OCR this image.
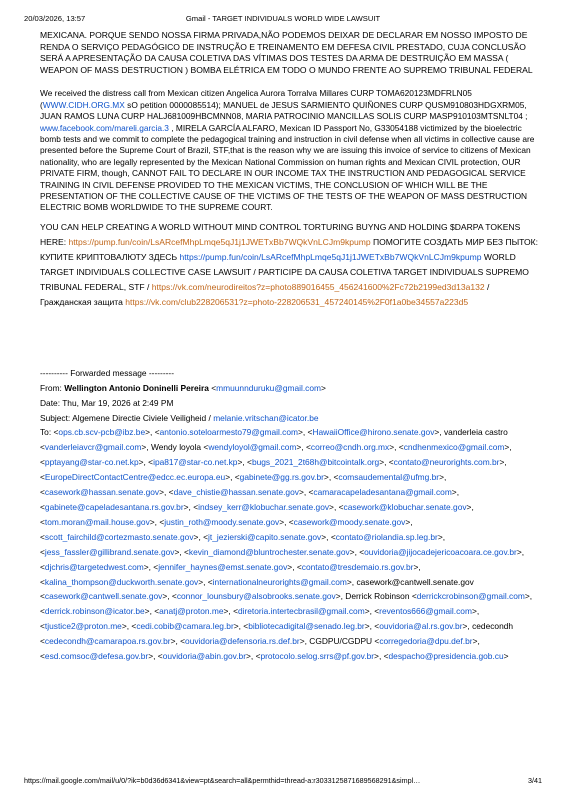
20/03/2026, 13:57	Gmail - TARGET INDIVIDUALS WORLD WIDE LAWSUIT

MEXICANA. PORQUE SENDO NOSSA FIRMA PRIVADA,NÃO PODEMOS DEIXAR DE DECLARAR EM NOSSO IMPOSTO DE RENDA O SERVIÇO PEDAGÓGICO DE INSTRUÇÃO E TREINAMENTO EM DEFESA CIVIL PRESTADO, CUJA CONCLUSÃO SERÁ A APRESENTAÇÃO DA CAUSA COLETIVA DAS VÍTIMAS DOS TESTES DA ARMA DE DESTRUIÇÃO EM MASSA ( WEAPON OF MASS DESTRUCTION ) BOMBA ELÉTRICA EM TODO O MUNDO FRENTE AO SUPREMO TRIBUNAL FEDERAL

We received the distress call from Mexican citizen Angelica Aurora Torralva Millares CURP TOMA620123MDFRLN05 (WWW.CIDH.ORG.MX sO petition 0000085514); MANUEL de JESUS SARMIENTO QUIÑONES CURP QUSM910803HDGXRM05, JUAN RAMOS LUNA CURP HALJ681009HBCMNN08, MARIA PATROCINIO MANCILLAS SOLIS CURP MASP910103MTSNLT04 ; www.facebook.com/mareli.garcia.3 , MIRELA GARCÍA ALFARO, Mexican ID Passport No, G33054188 victimized by the bioelectric bomb tests and we commit to complete the pedagogical training and instruction in civil defense when all victims in collective cause are presented before the Supreme Court of Brazil, STF,that is the reason why we are issuing this invoice of service to citizens of Mexican nationality, who are legally represented by the Mexican National Commission on human rights and Mexican CIVIL protection, OUR PRIVATE FIRM, though, CANNOT FAIL TO DECLARE IN OUR INCOME TAX THE INSTRUCTION AND PEDAGOGICAL SERVICE TRAINING IN CIVIL DEFENSE PROVIDED TO THE MEXICAN VICTIMS, THE CONCLUSION OF WHICH WILL BE THE PRESENTATION OF THE COLLECTIVE CAUSE OF THE VICTIMS OF THE TESTS OF THE WEAPON OF MASS DESTRUCTION ELECTRIC BOMB WORLDWIDE TO THE SUPREME COURT.

YOU CAN HELP CREATING A WORLD WITHOUT MIND CONTROL TORTURING BUYNG AND HOLDING $DARPA TOKENS HERE: https://pump.fun/coin/LsARcefMhpLmqe5qJ1j1JWETxBb7WQkVnLCJm9kpump ПОМОГИТЕ СОЗДАТЬ МИР БЕЗ ПЫТОК: КУПИТЕ КРИПТОВАЛЮТУ ЗДЕСЬ https://pump.fun/coin/LsARcefMhpLmqe5qJ1j1JWETxBb7WQkVnLCJm9kpump WORLD TARGET INDIVIDUALS COLLECTIVE CASE LAWSUIT / PARTICIPE DA CAUSA COLETIVA TARGET INDIVIDUALS SUPREMO TRIBUNAL FEDERAL, STF / https://vk.com/neurodireitos?z=photo889016455_456241600%2Fc72b2199ed3d13a132 / Гражданская защита https://vk.com/club228206531?z=photo-228206531_457240145%2F0f1a0be34557a223d5

---------- Forwarded message ---------
From: Wellington Antonio Doninelli Pereira <mmuunnduruku@gmail.com>
Date: Thu, Mar 19, 2026 at 2:49 PM
Subject: Algemene Directie Civiele Veiligheid / melanie.vritschan@icator.be
To: <ops.cb.scv-pcb@ibz.be>, <antonio.soteloarmesto79@gmail.com>, <HawaiiOffice@hirono.senate.gov>, vanderleia castro <vanderleiavcr@gmail.com>, Wendy loyola <wendyloyol@gmail.com>, <correo@cndh.org.mx>, <cndhenmexico@gmail.com>, <pptayang@star-co.net.kp>, <ipa817@star-co.net.kp>, <bugs_2021_2t68h@bitcointalk.org>, <contato@neurorights.com.br>, <EuropeDirectContactCentre@edcc.ec.europa.eu>, <gabinete@gg.rs.gov.br>, <comsaudemental@ufmg.br>, <casework@hassan.senate.gov>, <dave_chistie@hassan.senate.gov>, <camaracapeladesantana@gmail.com>, <gabinete@capeladesantana.rs.gov.br>, <indsey_kerr@klobuchar.senate.gov>, <casework@klobuchar.senate.gov>, <tom.moran@mail.house.gov>, <justin_roth@moody.senate.gov>, <casework@moody.senate.gov>, <scott_fairchild@cortezmasto.senate.gov>, <jt_jezierski@capito.senate.gov>, <contato@riolandia.sp.leg.br>, <jess_fassler@gillibrand.senate.gov>, <kevin_diamond@bluntrochester.senate.gov>, <ouvidoria@jijocadejericoacoara.ce.gov.br>, <djchris@targetedwest.com>, <jennifer_haynes@emst.senate.gov>, <contato@tresdemaio.rs.gov.br>, <kalina_thompson@duckworth.senate.gov>, <internationalneurorights@gmail.com>, casework@cantwell.senate.gov <casework@cantwell.senate.gov>, <connor_lounsbury@alsobrooks.senate.gov>, Derrick Robinson <derrickcrobinson@gmail.com>, <derrick.robinson@icator.be>, <anatj@proton.me>, <diretoria.intertecbrasil@gmail.com>, <reventos666@gmail.com>, <tjustice2@proton.me>, <cedi.cobib@camara.leg.br>, <bibliotecadigital@senado.leg.br>, <ouvidoria@al.rs.gov.br>, cedecondh <cedecondh@camarapoa.rs.gov.br>, <ouvidoria@defensoria.rs.def.br>, CGDPU/CGDPU <corregedoria@dpu.def.br>, <esd.comsoc@defesa.gov.br>, <ouvidoria@abin.gov.br>, <protocolo.selog.srrs@pf.gov.br>, <despacho@presidencia.gob.cu>
https://mail.google.com/mail/u/0/?ik=b0d36d6341&view=pt&search=all&permthid=thread-a:r3033125871689568291&simpl…	3/41
